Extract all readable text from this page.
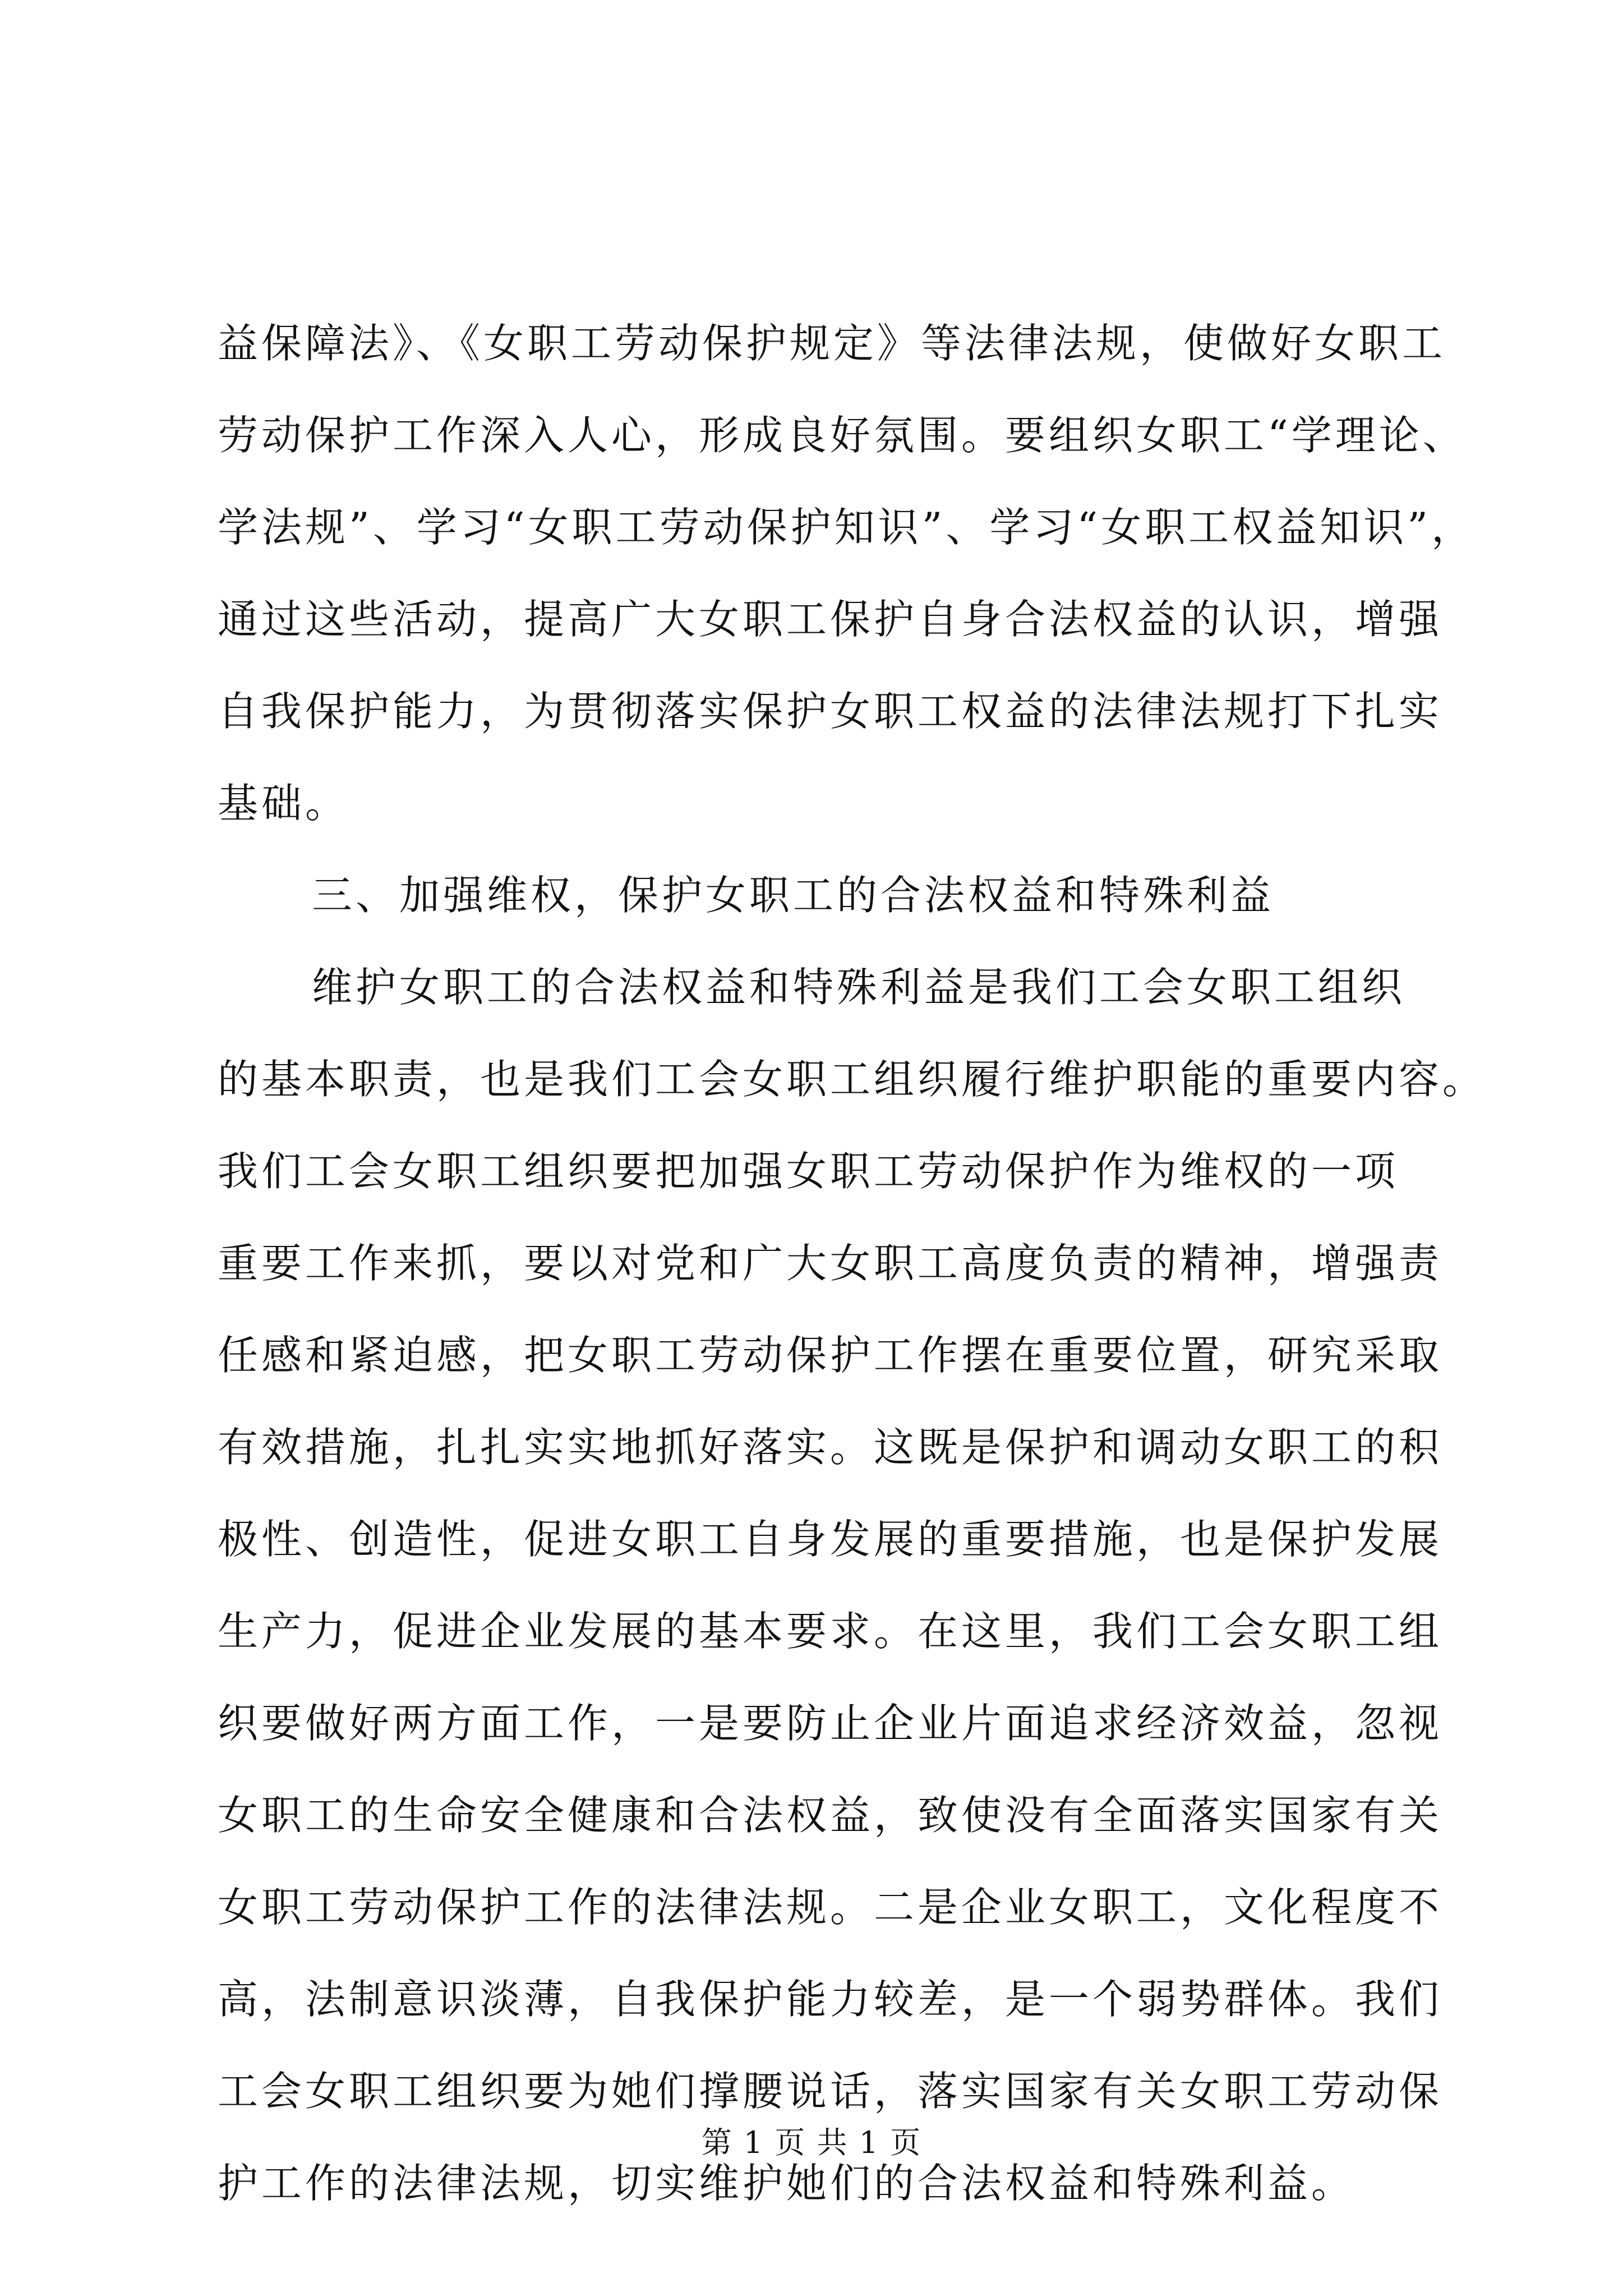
益保障法》、《女职工劳动保护规定》等法律法规，使做好女职工
劳动保护工作深入人心，形成良好氛围。要组织女职工“学理论、
学法规”、学习“女职工劳动保护知识”、学习“女职工权益知识”，
通过这些活动，提高广大女职工保护自身合法权益的认识，增强
自我保护能力，为贯彻落实保护女职工权益的法律法规打下扎实
基础。
三、加强维权，保护女职工的合法权益和特殊利益
维护女职工的合法权益和特殊利益是我们工会女职工组织
的基本职责，也是我们工会女职工组织履行维护职能的重要内容。
我们工会女职工组织要把加强女职工劳动保护作为维权的一项
重要工作来抓，要以对党和广大女职工高度负责的精神，增强责
任感和紧迫感，把女职工劳动保护工作摆在重要位置，研究采取
有效措施，扎扎实实地抓好落实。这既是保护和调动女职工的积
极性、创造性，促进女职工自身发展的重要措施，也是保护发展
生产力，促进企业发展的基本要求。在这里，我们工会女职工组
织要做好两方面工作，一是要防止企业片面追求经济效益，忽视
女职工的生命安全健康和合法权益，致使没有全面落实国家有关
女职工劳动保护工作的法律法规。二是企业女职工，文化程度不
高，法制意识淡薄，自我保护能力较差，是一个弱势群体。我们
工会女职工组织要为她们撑腰说话，落实国家有关女职工劳动保
护工作的法律法规，切实维护她们的合法权益和特殊利益。
第 1 页 共 1 页
